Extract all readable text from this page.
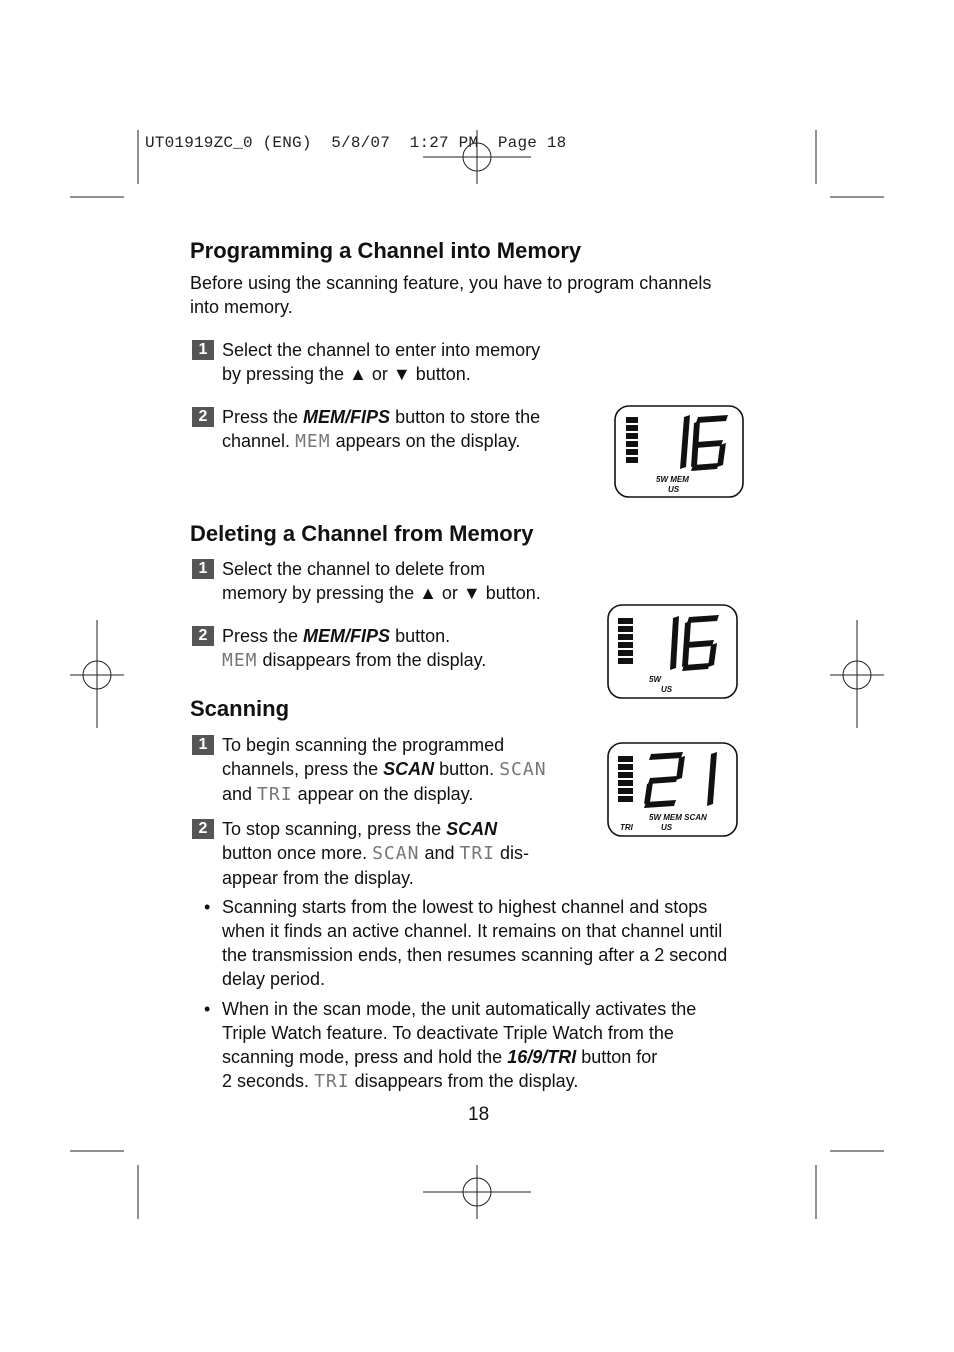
UT01919ZC_0 (ENG)  5/8/07  1:27 PM  Page 18
Programming a Channel into Memory
Before using the scanning feature, you have to program channels
into memory.
1 Select the channel to enter into memory
by pressing the ▲ or ▼ button.
2 Press the MEM/FIPS button to store the
channel. MEM appears on the display.
5W MEM
US
Deleting a Channel from Memory
1 Select the channel to delete from
memory by pressing the ▲ or ▼ button.
2 Press the MEM/FIPS button.
MEM disappears from the display.
5W
US
Scanning
1 To begin scanning the programmed
channels, press the SCAN button. SCAN
and TRI appear on the display.
2 To stop scanning, press the SCAN
button once more. SCAN and TRI dis-
appear from the display.
TRI
5W MEM SCAN
US
• Scanning starts from the lowest to highest channel and stops
when it finds an active channel. It remains on that channel until
the transmission ends, then resumes scanning after a 2 second
delay period.
• When in the scan mode, the unit automatically activates the
Triple Watch feature. To deactivate Triple Watch from the
scanning mode, press and hold the 16/9/TRI button for
2 seconds. TRI disappears from the display.
18
